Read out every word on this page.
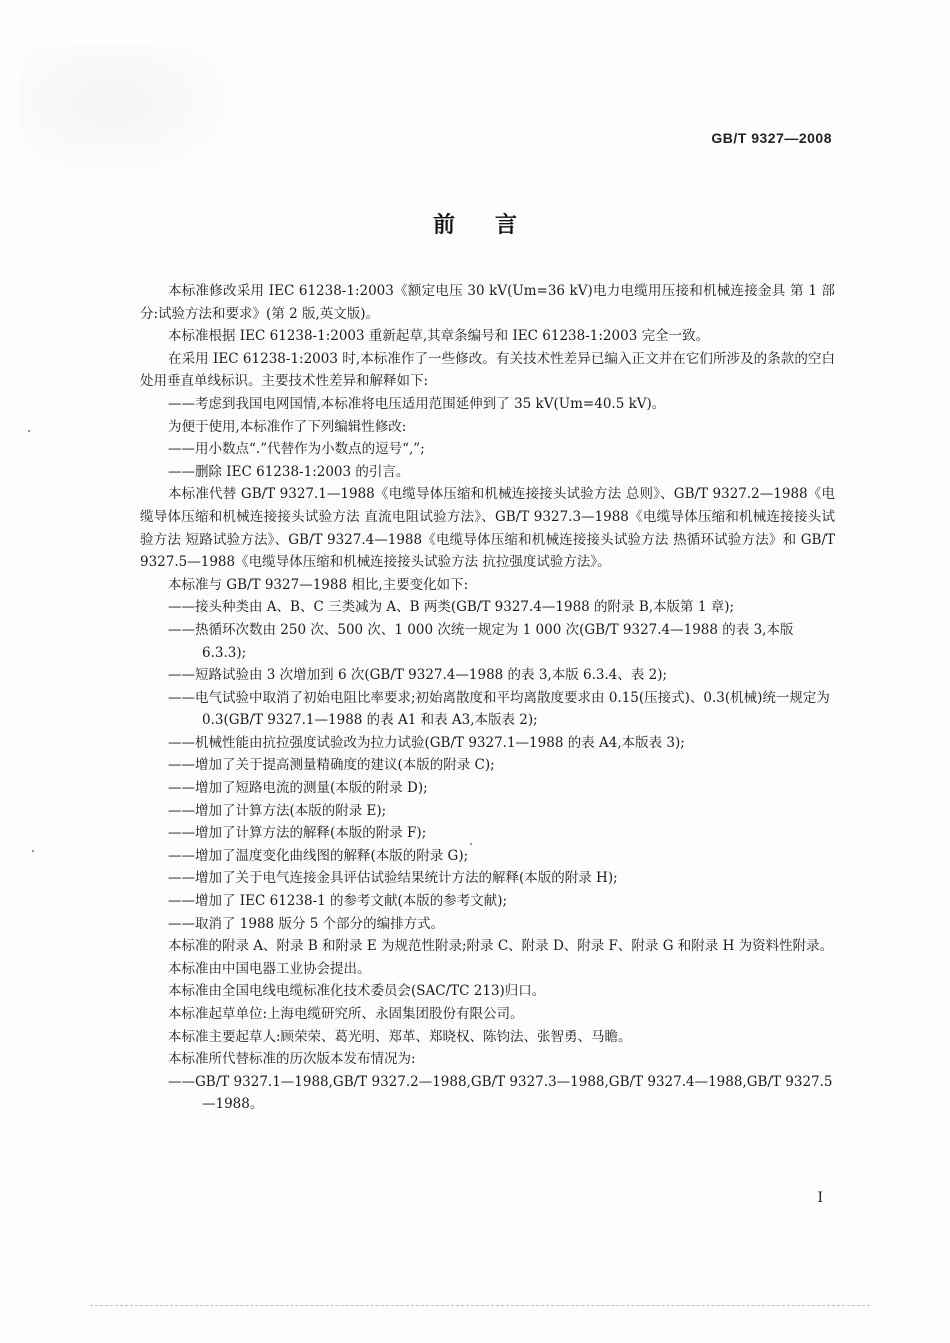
GB/T 9327—2008
前言

本标准修改采用 IEC 61238-1:2003《额定电压 30 kV(Um=36 kV)电力电缆用压接和机械连接金具 第 1 部分:试验方法和要求》(第 2 版,英文版)。

本标准根据 IEC 61238-1:2003 重新起草,其章条编号和 IEC 61238-1:2003 完全一致。

在采用 IEC 61238-1:2003 时,本标准作了一些修改。有关技术性差异已编入正文并在它们所涉及的条款的空白处用垂直单线标识。主要技术性差异和解释如下:

——考虑到我国电网国情,本标准将电压适用范围延伸到了 35 kV(Um=40.5 kV)。

为便于使用,本标准作了下列编辑性修改:

——用小数点“.”代替作为小数点的逗号“,”;

——删除 IEC 61238-1:2003 的引言。

本标准代替 GB/T 9327.1—1988《电缆导体压缩和机械连接接头试验方法 总则》、GB/T 9327.2—1988《电缆导体压缩和机械连接接头试验方法 直流电阻试验方法》、GB/T 9327.3—1988《电缆导体压缩和机械连接接头试验方法 短路试验方法》、GB/T 9327.4—1988《电缆导体压缩和机械连接接头试验方法 热循环试验方法》和 GB/T 9327.5—1988《电缆导体压缩和机械连接接头试验方法 抗拉强度试验方法》。

本标准与 GB/T 9327—1988 相比,主要变化如下:

——接头种类由 A、B、C 三类减为 A、B 两类(GB/T 9327.4—1988 的附录 B,本版第 1 章);

——热循环次数由 250 次、500 次、1 000 次统一规定为 1 000 次(GB/T 9327.4—1988 的表 3,本版 6.3.3);

——短路试验由 3 次增加到 6 次(GB/T 9327.4—1988 的表 3,本版 6.3.4、表 2);

——电气试验中取消了初始电阻比率要求;初始离散度和平均离散度要求由 0.15(压接式)、0.3(机械)统一规定为 0.3(GB/T 9327.1—1988 的表 A1 和表 A3,本版表 2);

——机械性能由抗拉强度试验改为拉力试验(GB/T 9327.1—1988 的表 A4,本版表 3);

——增加了关于提高测量精确度的建议(本版的附录 C);

——增加了短路电流的测量(本版的附录 D);

——增加了计算方法(本版的附录 E);

——增加了计算方法的解释(本版的附录 F);

——增加了温度变化曲线图的解释(本版的附录 G);

——增加了关于电气连接金具评估试验结果统计方法的解释(本版的附录 H);

——增加了 IEC 61238-1 的参考文献(本版的参考文献);

——取消了 1988 版分 5 个部分的编排方式。

本标准的附录 A、附录 B 和附录 E 为规范性附录;附录 C、附录 D、附录 F、附录 G 和附录 H 为资料性附录。

本标准由中国电器工业协会提出。

本标准由全国电线电缆标准化技术委员会(SAC/TC 213)归口。

本标准起草单位:上海电缆研究所、永固集团股份有限公司。

本标准主要起草人:顾荣荣、葛光明、郑革、郑晓权、陈钧法、张智勇、马瞻。

本标准所代替标准的历次版本发布情况为:

——GB/T 9327.1—1988,GB/T 9327.2—1988,GB/T 9327.3—1988,GB/T 9327.4—1988,GB/T 9327.5—1988。

I
